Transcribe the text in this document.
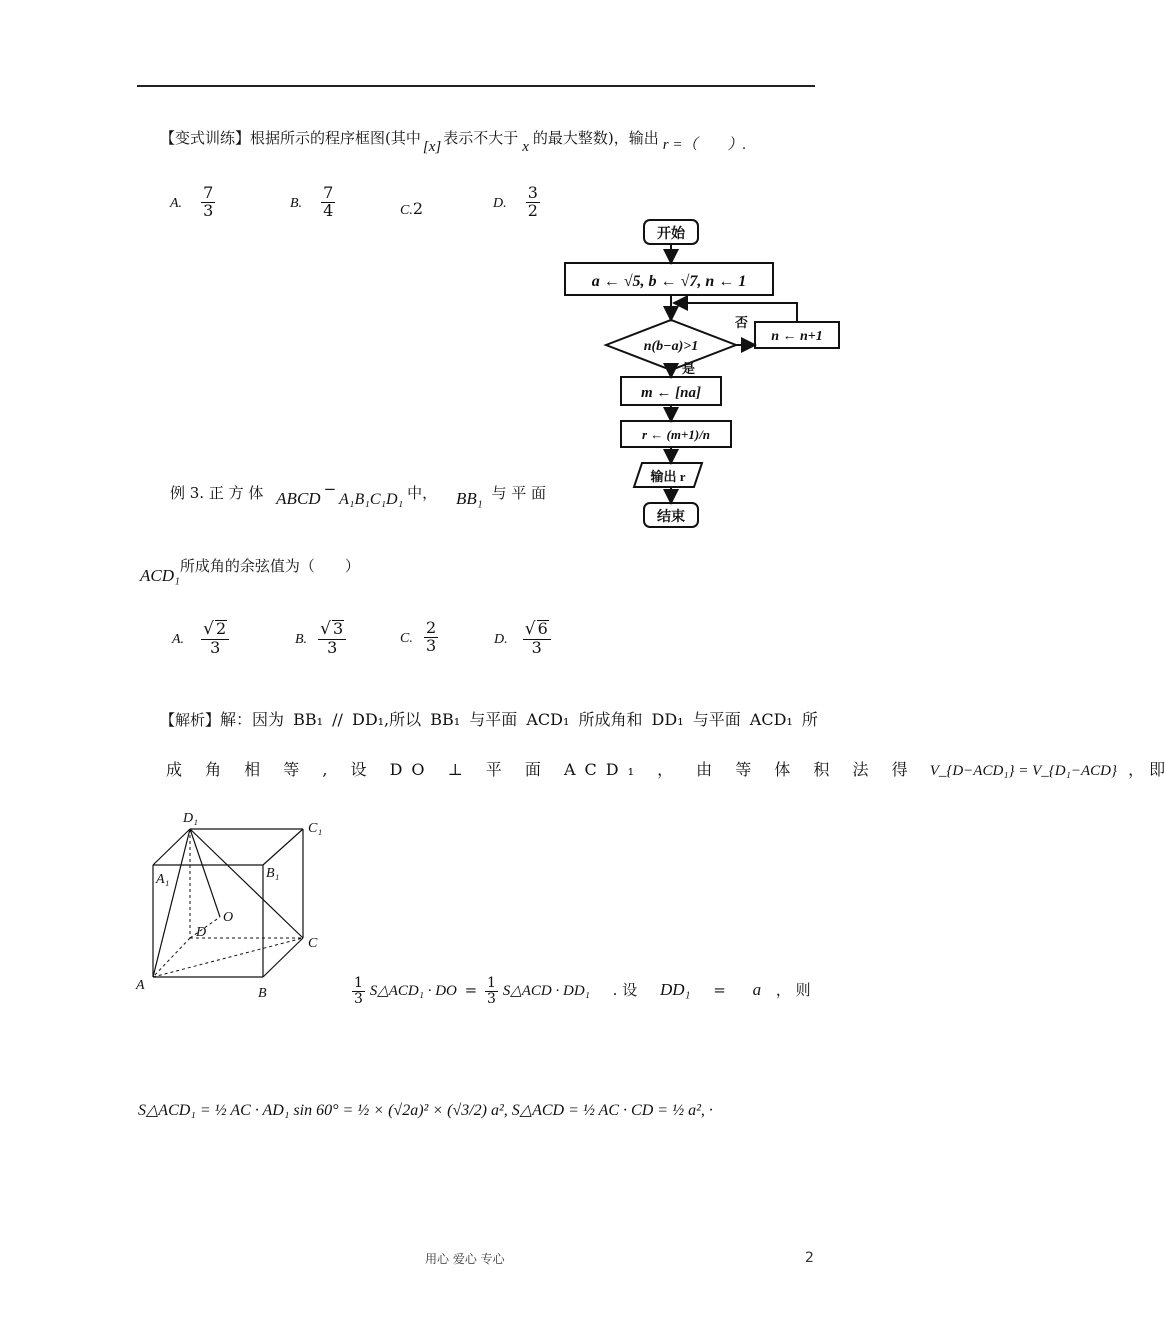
【变式训练】根据所示的程序框图(其中 [x] 表示不大于 x 的最大整数)，输出 r =（　　）.
A. $\frac{7}{3}$	B. $\frac{7}{4}$	C.2	D. $\frac{3}{2}$
开始
a ← √5, b ← √7, n ← 1
n(b−a)>1
否
是
n ← n+1
m ← [na]
r ← (m+1)/n
输出 r
结束
例 3. 正 方 体 ABCD −A₁B₁C₁D₁ 中， BB₁ 与 平 面
ACD₁所成角的余弦值为（　　）
A. $\frac{√ 2}{3}$	B. $\frac{√ 3}{3}$	C. $\frac{2}{3}$	D. $\frac{√ 6}{3}$
【解析】解：因为 BB₁ // DD₁,所以 BB₁ 与平面 ACD₁ 所成角和 DD₁ 与平面 ACD₁ 所
成 角 相 等 , 设 DO ⊥ 平 面 ACD₁ ， 由 等 体 积 法 得 V_{D−ACD₁} = V_{D₁−ACD} ， 即
D₁
C₁
A₁	B₁
D
O
C
A
B	$\frac{1}{3}$ S△ACD₁ · DO = $\frac{1}{3}$ S△ACD · DD₁ . 设 DD₁ = a ， 则
S△ACD₁ = ½ AC · AD₁ sin 60° = ½ × (√2a)² × (√3/2) a², S△ACD = ½ AC · CD = ½ a², ·
用心 爱心 专心	2
